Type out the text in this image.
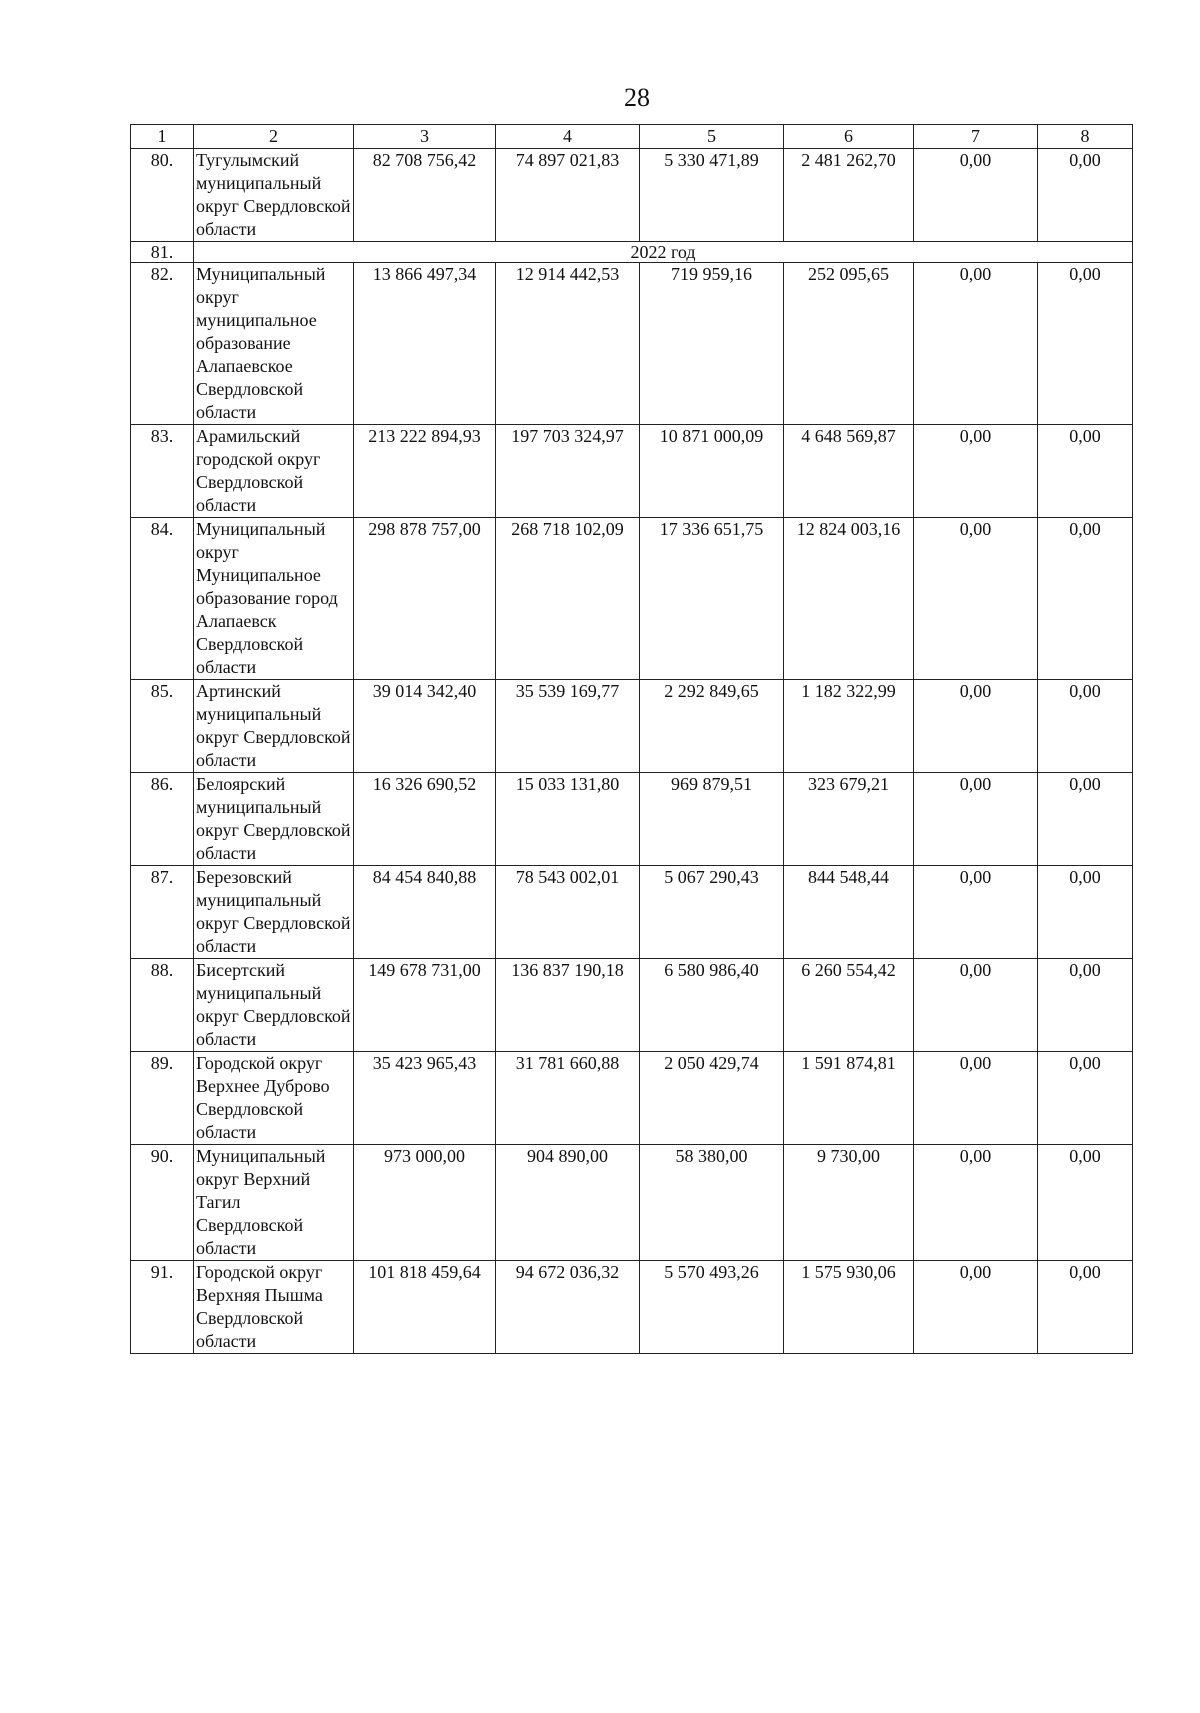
28
1	2	3	4	5	6	7	8
80.	Тугулымский муниципальный округ Свердловской области	82 708 756,42	74 897 021,83	5 330 471,89	2 481 262,70	0,00	0,00
81.	2022 год						
82.	Муниципальный округ муниципальное образование Алапаевское Свердловской области	13 866 497,34	12 914 442,53	719 959,16	252 095,65	0,00	0,00
83.	Арамильский городской округ Свердловской области	213 222 894,93	197 703 324,97	10 871 000,09	4 648 569,87	0,00	0,00
84.	Муниципальный округ Муниципальное образование город Алапаевск Свердловской области	298 878 757,00	268 718 102,09	17 336 651,75	12 824 003,16	0,00	0,00
85.	Артинский муниципальный округ Свердловской области	39 014 342,40	35 539 169,77	2 292 849,65	1 182 322,99	0,00	0,00
86.	Белоярский муниципальный округ Свердловской области	16 326 690,52	15 033 131,80	969 879,51	323 679,21	0,00	0,00
87.	Березовский муниципальный округ Свердловской области	84 454 840,88	78 543 002,01	5 067 290,43	844 548,44	0,00	0,00
88.	Бисертский муниципальный округ Свердловской области	149 678 731,00	136 837 190,18	6 580 986,40	6 260 554,42	0,00	0,00
89.	Городской округ Верхнее Дуброво Свердловской области	35 423 965,43	31 781 660,88	2 050 429,74	1 591 874,81	0,00	0,00
90.	Муниципальный округ Верхний Тагил Свердловской области	973 000,00	904 890,00	58 380,00	9 730,00	0,00	0,00
91.	Городской округ Верхняя Пышма Свердловской области	101 818 459,64	94 672 036,32	5 570 493,26	1 575 930,06	0,00	0,00
